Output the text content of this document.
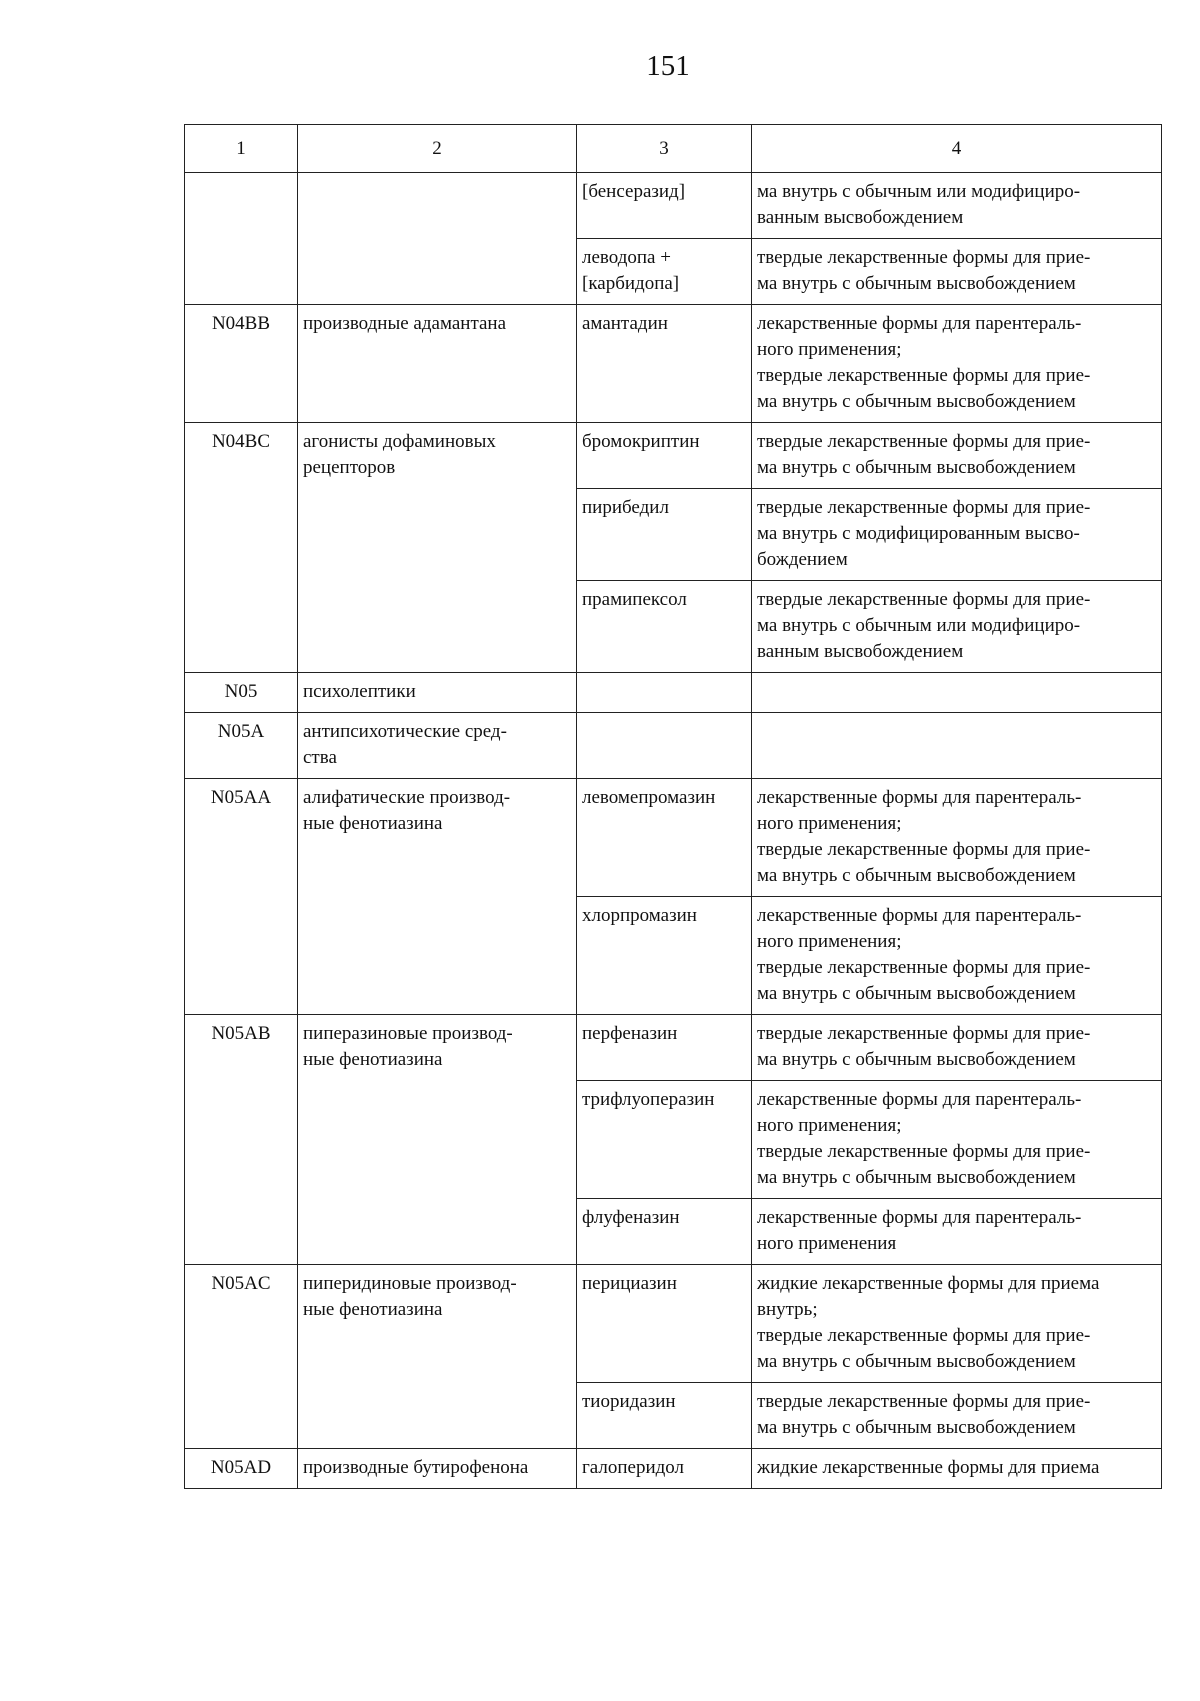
151
1	2	3	4

		[бенсеразид]	ма внутрь с обычным или модифициро-
ванным высвобождением

		леводопа +
[карбидопа]	твердые лекарственные формы для прие-
ма внутрь с обычным высвобождением

N04BB	производные адамантана	амантадин	лекарственные формы для парентераль-
ного применения;
твердые лекарственные формы для прие-
ма внутрь с обычным высвобождением

N04BC	агонисты дофаминовых
рецепторов	бромокриптин	твердые лекарственные формы для прие-
ма внутрь с обычным высвобождением

		пирибедил	твердые лекарственные формы для прие-
ма внутрь с модифицированным высво-
бождением

		прамипексол	твердые лекарственные формы для прие-
ма внутрь с обычным или модифициро-
ванным высвобождением

N05	психолептики		

N05A	антипсихотические сред-
ства		

N05AA	алифатические производ-
ные фенотиазина	левомепромазин	лекарственные формы для парентераль-
ного применения;
твердые лекарственные формы для прие-
ма внутрь с обычным высвобождением

		хлорпромазин	лекарственные формы для парентераль-
ного применения;
твердые лекарственные формы для прие-
ма внутрь с обычным высвобождением

N05AB	пиперазиновые производ-
ные фенотиазина	перфеназин	твердые лекарственные формы для прие-
ма внутрь с обычным высвобождением

		трифлуоперазин	лекарственные формы для парентераль-
ного применения;
твердые лекарственные формы для прие-
ма внутрь с обычным высвобождением

		флуфеназин	лекарственные формы для парентераль-
ного применения

N05AC	пиперидиновые производ-
ные фенотиазина	перициазин	жидкие лекарственные формы для приема
внутрь;
твердые лекарственные формы для прие-
ма внутрь с обычным высвобождением

		тиоридазин	твердые лекарственные формы для прие-
ма внутрь с обычным высвобождением

N05AD	производные бутирофенона	галоперидол	жидкие лекарственные формы для приема
